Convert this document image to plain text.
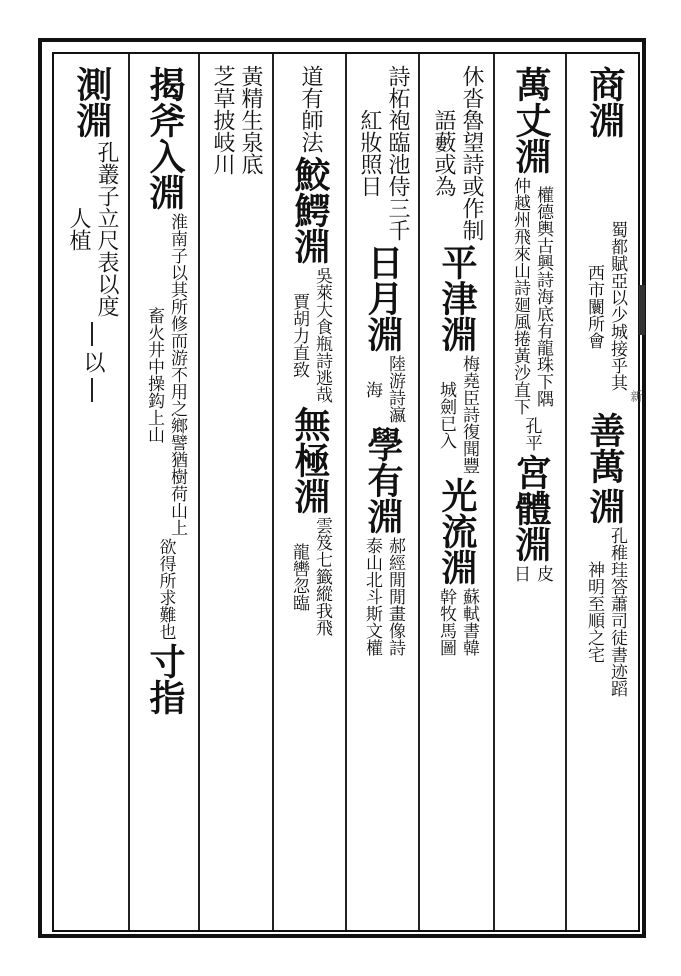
新
商淵
蜀都賦亞以少城接乎其
西市闤所會
善萬
淵
孔稚珪答蕭司徒書迹蹈
神明至順之宅
萬丈淵
權德輿古興詩海底有龍珠下隅
仲越州飛來山詩廻風捲黃沙直下
孔平
宮體淵
皮
日
休沓魯望詩或作制
語藪或為
平津淵
梅堯臣詩復聞豐
城劍已入
光流淵
蘇軾書韓
幹牧馬圖
詩柘袍臨池侍三千
紅妝照日
日月淵
陸游詩瀛
海
學有淵
郝經閒閒畫像詩
泰山北斗斯文權
道有師法
鮫鰐淵
吳萊大食瓶詩逃哉
賈胡力直致
無極淵
雲笈七籤縱我飛
龍轡忽臨
黃精生泉底
芝草披岐川
揭斧入淵
淮南子以其所修而游不用之鄉譬猶樹荷山上
畜火井中操鈎上山
欲得所求難也
寸指
測淵
孔叢子立尺表以度
人植
以
